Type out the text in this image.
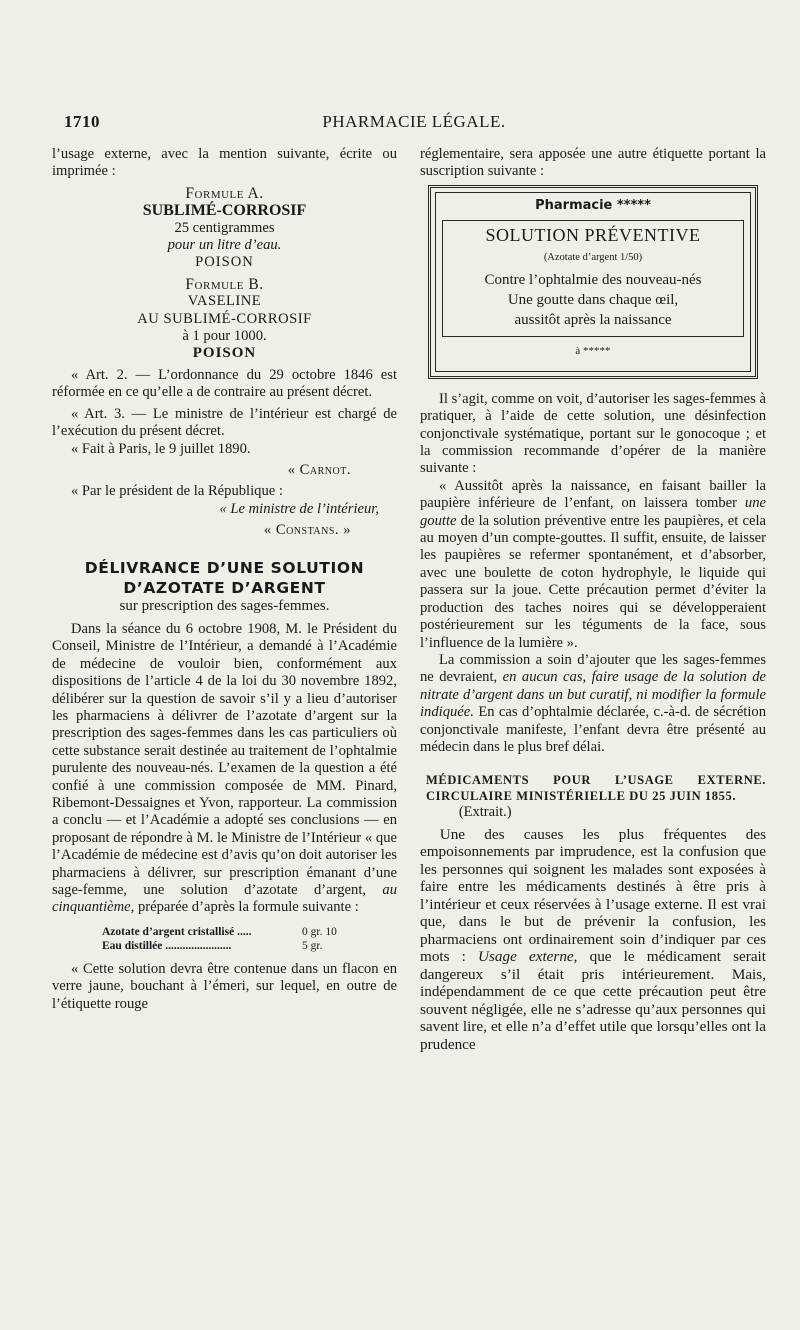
1710	PHARMACIE LÉGALE.

l’usage externe, avec la mention suivante, écrite ou imprimée :

Formule A.
SUBLIMÉ-CORROSIF
25 centigrammes
pour un litre d’eau.
POISON
Formule B.
VASELINE
AU SUBLIMÉ-CORROSIF
à 1 pour 1000.
POISON

« Art. 2. — L’ordonnance du 29 octobre 1846 est réformée en ce qu’elle a de contraire au présent décret.

« Art. 3. — Le ministre de l’intérieur est chargé de l’exécution du présent décret.

« Fait à Paris, le 9 juillet 1890.

« Carnot.

« Par le président de la République :

« Le ministre de l’intérieur,
« Constans. »
DÉLIVRANCE D’UNE SOLUTION
D’AZOTATE D’ARGENT
sur prescription des sages-femmes.

Dans la séance du 6 octobre 1908, M. le Président du Conseil, Ministre de l’Intérieur, a demandé à l’Académie de médecine de vouloir bien, conformément aux dispositions de l’article 4 de la loi du 30 novembre 1892, délibérer sur la question de savoir s’il y a lieu d’autoriser les pharmaciens à délivrer de l’azotate d’argent sur la prescription des sages-femmes dans les cas particuliers où cette substance serait destinée au traitement de l’ophtalmie purulente des nouveau-nés. L’examen de la question a été confié à une commission composée de MM. Pinard, Ribemont-Dessaignes et Yvon, rapporteur. La commission a conclu — et l’Académie a adopté ses conclusions — en proposant de répondre à M. le Ministre de l’Intérieur « que l’Académie de médecine est d’avis qu’on doit autoriser les pharmaciens à délivrer, sur prescription émanant d’une sage-femme, une solution d’azotate d’argent, au cinquantième, préparée d’après la formule suivante :

Azotate d’argent cristallisé .....	0 gr. 10
Eau distillée .......................	5 gr.

« Cette solution devra être contenue dans un flacon en verre jaune, bouchant à l’émeri, sur lequel, en outre de l’étiquette rouge

réglementaire, sera apposée une autre étiquette portant la suscription suivante :

Pharmacie *****
SOLUTION PRÉVENTIVE
(Azotate d’argent 1/50)
Contre l’ophtalmie des nouveau-nés
Une goutte dans chaque œil,
aussitôt après la naissance
à *****

Il s’agit, comme on voit, d’autoriser les sages-femmes à pratiquer, à l’aide de cette solution, une désinfection conjonctivale systématique, portant sur le gonocoque ; et la commission recommande d’opérer de la manière suivante :

« Aussitôt après la naissance, en faisant bailler la paupière inférieure de l’enfant, on laissera tomber une goutte de la solution préventive entre les paupières, et cela au moyen d’un compte-gouttes. Il suffit, ensuite, de laisser les paupières se refermer spontanément, et d’absorber, avec une boulette de coton hydrophyle, le liquide qui passera sur la joue. Cette précaution permet d’éviter la production des taches noires qui se développeraient postérieurement sur les téguments de la face, sous l’influence de la lumière ».

La commission a soin d’ajouter que les sages-femmes ne devraient, en aucun cas, faire usage de la solution de nitrate d’argent dans un but curatif, ni modifier la formule indiquée. En cas d’ophtalmie déclarée, c.-à-d. de sécrétion conjonctivale manifeste, l’enfant devra être présenté au médecin dans le plus bref délai.

MÉDICAMENTS POUR L’USAGE EXTERNE. CIRCULAIRE MINISTÉRIELLE DU 25 JUIN 1855.

(Extrait.)

Une des causes les plus fréquentes des empoisonnements par imprudence, est la confusion que les personnes qui soignent les malades sont exposées à faire entre les médicaments destinés à être pris à l’intérieur et ceux réservées à l’usage externe. Il est vrai que, dans le but de prévenir la confusion, les pharmaciens ont ordinairement soin d’indiquer par ces mots : Usage externe, que le médicament serait dangereux s’il était pris intérieurement. Mais, indépendamment de ce que cette précaution peut être souvent négligée, elle ne s’adresse qu’aux personnes qui savent lire, et elle n’a d’effet utile que lorsqu’elles ont la prudence
